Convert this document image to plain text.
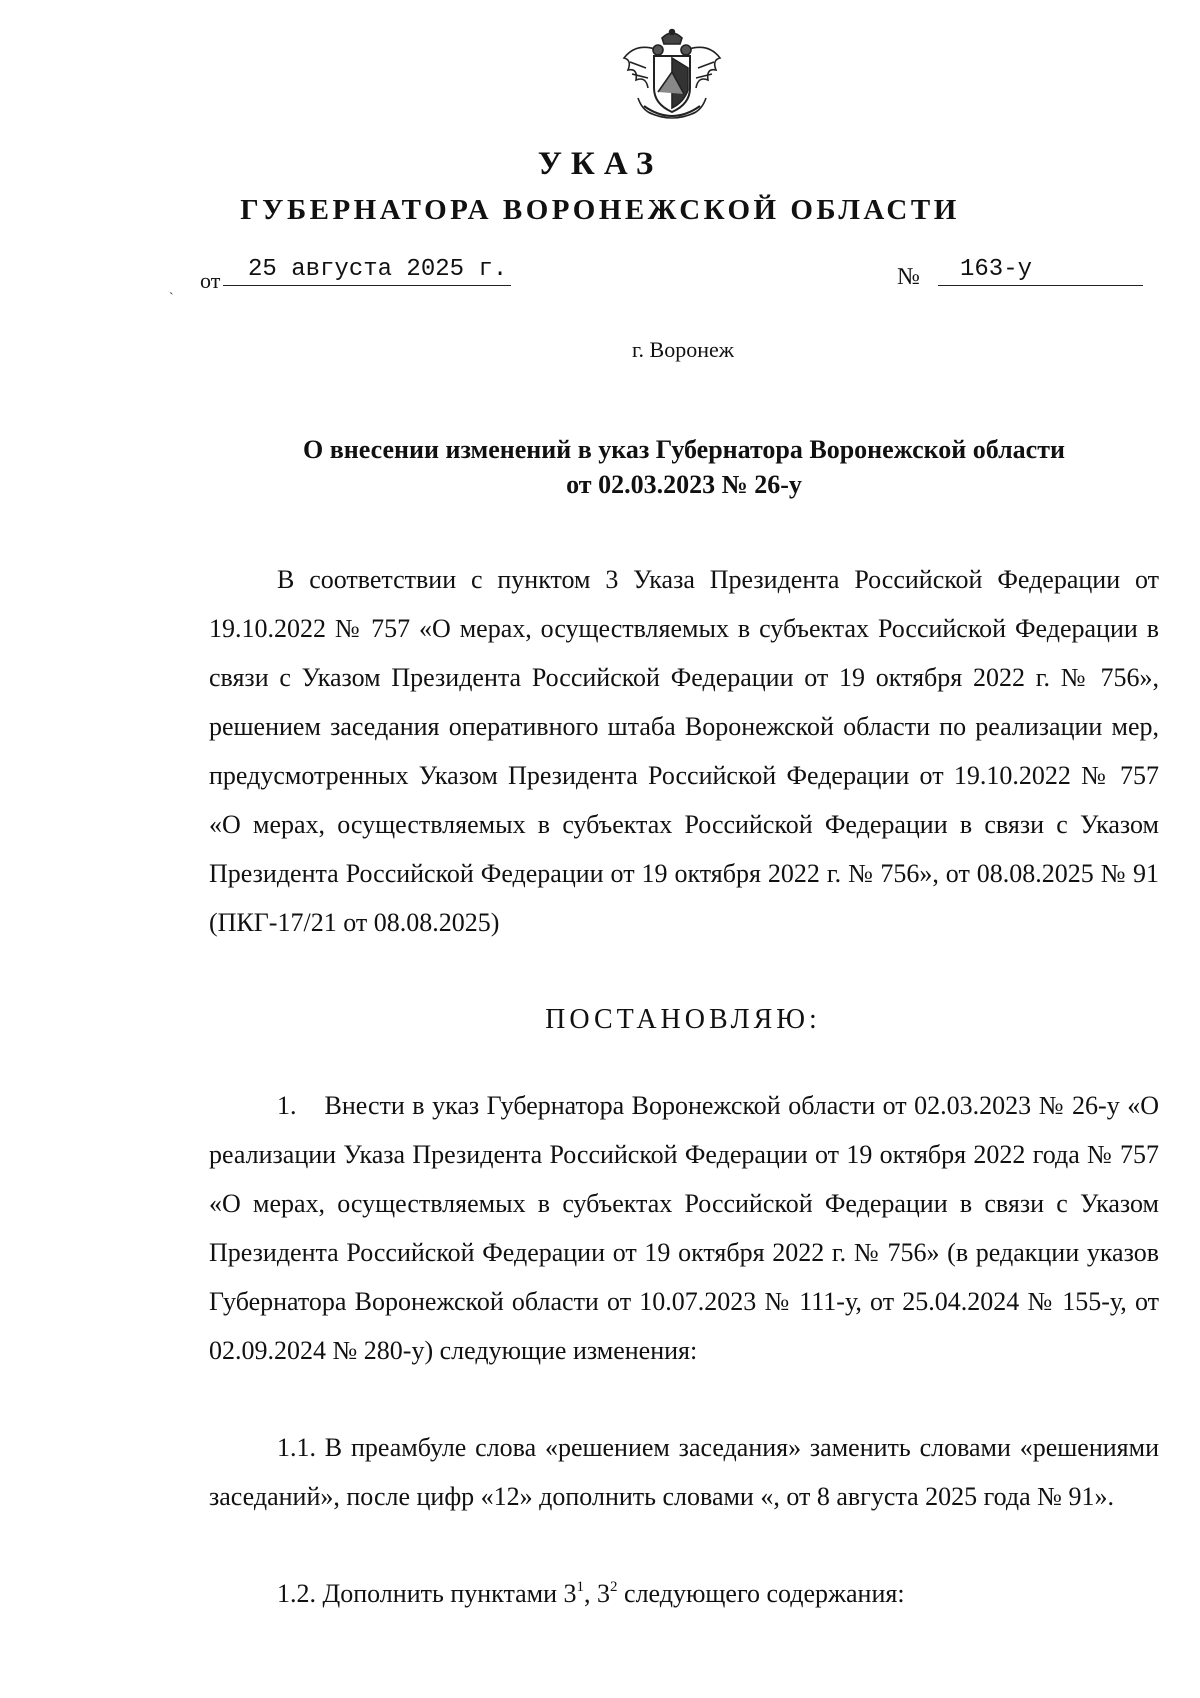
УКАЗ
ГУБЕРНАТОРА ВОРОНЕЖСКОЙ ОБЛАСТИ
от	25 августа 2025 г.	№	163-у
`
г. Воронеж
О внесении изменений в указ Губернатора Воронежской области
от 02.03.2023 № 26-у
В соответствии с пунктом 3 Указа Президента Российской Федерации от 19.10.2022 № 757 «О мерах, осуществляемых в субъектах Российской Федерации в связи с Указом Президента Российской Федерации от 19 октября 2022 г. № 756», решением заседания оперативного штаба Воронежской области по реализации мер, предусмотренных Указом Президента Российской Федерации от 19.10.2022 № 757 «О мерах, осуществляемых в субъектах Российской Федерации в связи с Указом Президента Российской Федерации от 19 октября 2022 г. № 756», от 08.08.2025 № 91 (ПКГ-17/21 от 08.08.2025)
ПОСТАНОВЛЯЮ:
1. Внести в указ Губернатора Воронежской области от 02.03.2023 № 26-у «О реализации Указа Президента Российской Федерации от 19 октября 2022 года № 757 «О мерах, осуществляемых в субъектах Российской Федерации в связи с Указом Президента Российской Федерации от 19 октября 2022 г. № 756» (в редакции указов Губернатора Воронежской области от 10.07.2023 № 111-у, от 25.04.2024 № 155-у, от 02.09.2024 № 280-у) следующие изменения:
1.1. В преамбуле слова «решением заседания» заменить словами «решениями заседаний», после цифр «12» дополнить словами «, от 8 августа 2025 года № 91».
1.2. Дополнить пунктами $3^1$, $3^2$ следующего содержания:
